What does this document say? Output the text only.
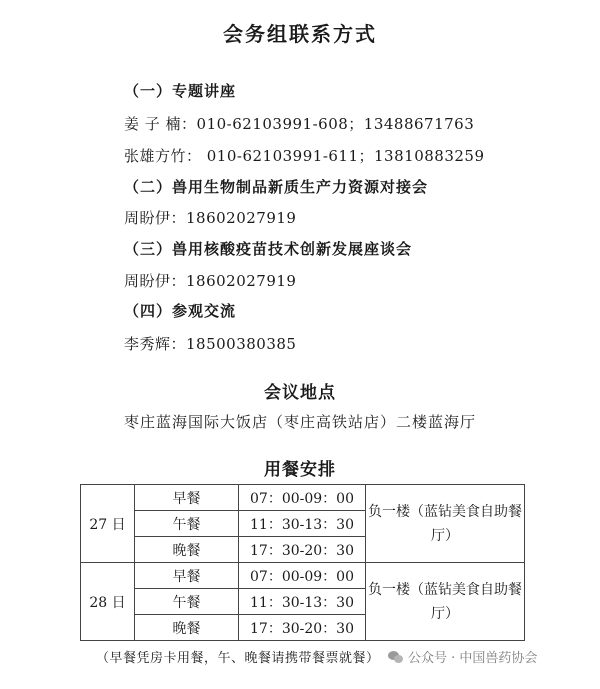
会务组联系方式
（一）专题讲座
姜 子 楠：010-62103991-608；13488671763
张雄方竹： 010-62103991-611；13810883259
（二）兽用生物制品新质生产力资源对接会
周盼伊：18602027919
（三）兽用核酸疫苗技术创新发展座谈会
周盼伊：18602027919
（四）参观交流
李秀辉：18500380385
会议地点
枣庄蓝海国际大饭店（枣庄高铁站店）二楼蓝海厅
用餐安排
27 日	早餐	07：00-09：00	负一楼（蓝钻美食自助餐厅）
	午餐	11：30-13：30	
	晚餐	17：30-20：30	
28 日	早餐	07：00-09：00	负一楼（蓝钻美食自助餐厅）
	午餐	11：30-13：30	
	晚餐	17：30-20：30	
（早餐凭房卡用餐，午、晚餐请携带餐票就餐） 公众号 · 中国兽药协会
